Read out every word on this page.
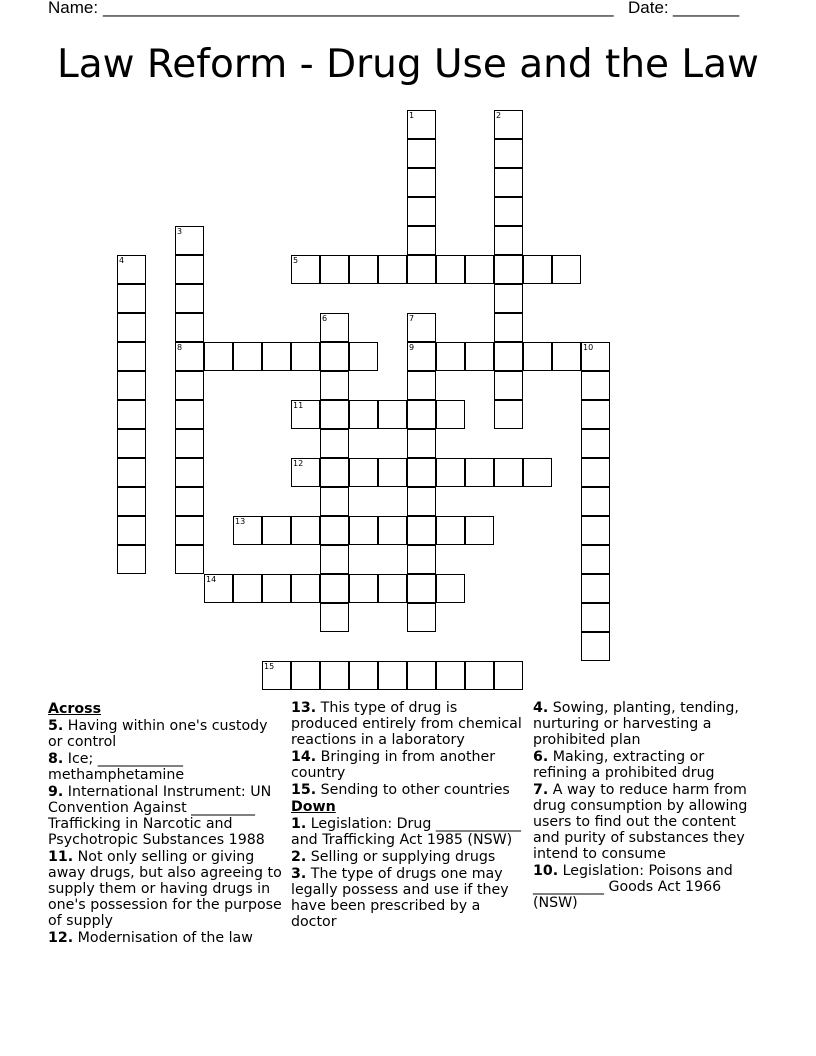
Name: ______________________________________________________ Date: _______
Law Reform - Drug Use and the Law
1	2
3
8
4	5
6	7
9	10
11
12
13
14
15
Across
5. Having within one's custody or control
8. Ice; ____________ methamphetamine
9. International Instrument: UN Convention Against _________ Trafficking in Narcotic and Psychotropic Substances 1988
11. Not only selling or giving away drugs, but also agreeing to supply them or having drugs in one's possession for the purpose of supply
12. Modernisation of the law
13. This type of drug is produced entirely from chemical reactions in a laboratory
14. Bringing in from another country
15. Sending to other countries
Down
1. Legislation: Drug ____________ and Trafficking Act 1985 (NSW)
2. Selling or supplying drugs
3. The type of drugs one may legally possess and use if they have been prescribed by a doctor
4. Sowing, planting, tending, nurturing or harvesting a prohibited plan
6. Making, extracting or refining a prohibited drug
7. A way to reduce harm from drug consumption by allowing users to find out the content and purity of substances they intend to consume
10. Legislation: Poisons and __________ Goods Act 1966 (NSW)
